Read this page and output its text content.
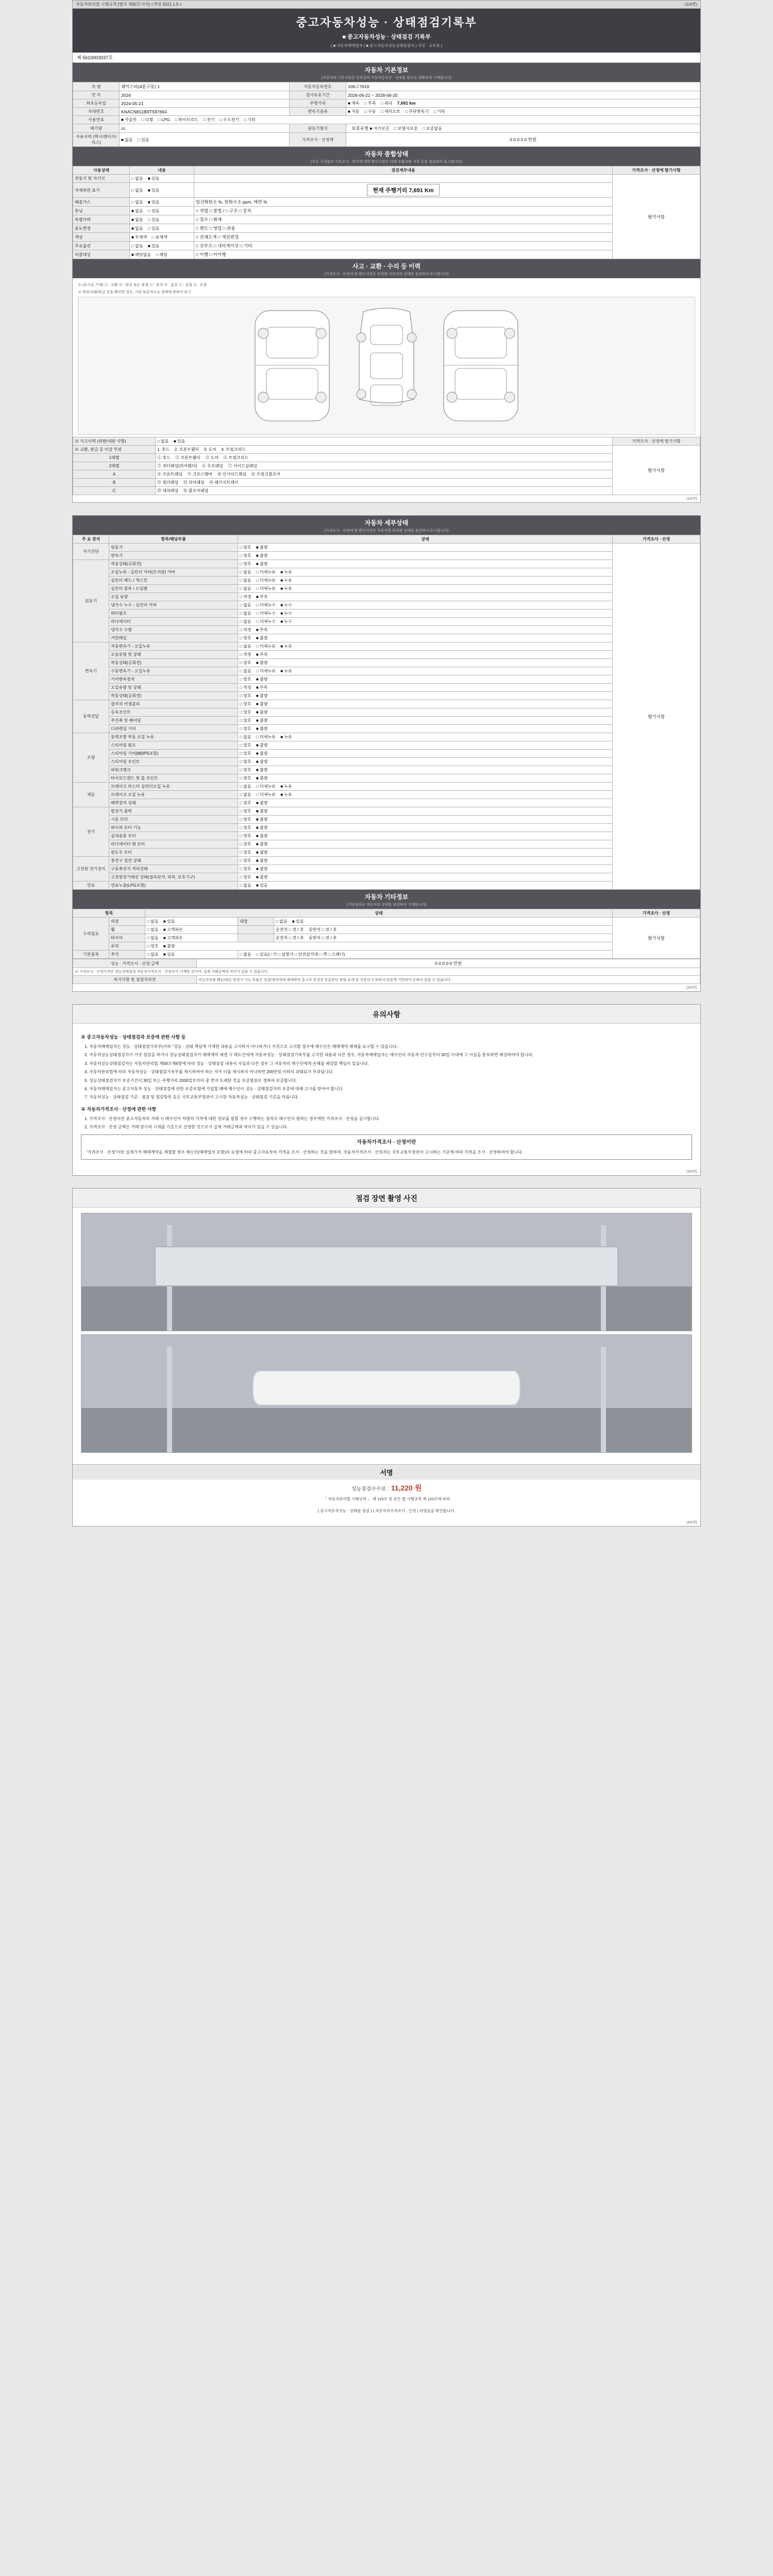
자동차관리법 시행규칙 [별지 제82호서식] <개정 2021.1.5.>	(1/4면)
중고자동차성능 · 상태점검기록부
■ 중고자동차성능 · 상태점검 기록부
( ■ 자동차매매업자 ( ■ 중고자동차성능상태점검자 ) 작성 · 교부용 )
제 5610003037호
자동차 기본정보
(자동차의 기본사항은 등록증의 자동차등록증 · 선장을 참조로 정확하게 기재합니다)
차 명	쉐이스타(4륜구동) 1	자동차등록번호	106고7619
연 식	2024	검사유효기간	2026-06-21 ~ 2028-06-20
최초등록일	2024-05-21	주행거리	■ 계속 □ 부족 □ 과다 7,691 km
차대번호	KNACN811BRT597664	변속기종류	■ 자동 □ 수동 □ 세미오토 □ 무단변속기 □ 기타
사용연료	■ 가솔린 □ 디젤 □ LPG □ 하이브리드 □ 전기 □ 수소전기 □ 기타		
배기량	cc	원동기형식	보증유형 ■ 자가보증 □ 보험사보증 □ 보증없음
사용이력 (택시/렌터카/리스)	■ 없음 □ 있음	가격조사 · 산정액	0 0 0 0 0 만원
자동차 종합상태
(주요 구성품의 기록조사 · 평가에 대한 확인사항은 대체 부품교환 여부 등을 점검하여 표시합니다)
사용상태	내용	점검세부내용	가격조사 · 산정에 딸기사항
전동기 및 자기식	□ 없음 ■ 있음		딸기사항
자체외관 표기	□ 없음 ■ 있음	현재 주행거리 7,691 Km	
배출가스	□ 없음 ■ 있음	일산화탄소 %, 탄화수소 ppm, 매연 %	
튜닝	■ 없음 □ 있음	□ 적법 □ 불법 / □ 구조 □ 장치	
특별이력	■ 없음 □ 있음	□ 침수 □ 화재	
용도변경	■ 없음 □ 있음	□ 렌트 □ 영업 □ 관용	
색상	■ 무채색 □ 유채색	□ 전체도색 □ 색상변경	
주요옵션	□ 없음 ■ 있음	□ 선루프 □ 네비게이션 □ 기타	
리콜대상	■ 해당없음 □ 해당	□ 이행 □ 미이행	
사고 · 교환 · 수리 등 이력
(가격조사 · 산정에 딸 확인사항은 부위별 자동차의 상태를 점검하여 표시합니다)
※ (표시로 기재) ⓧ : 교환 ⓦ : 판금 또는 용접 ⓒ : 부식 ⓟ : 흠집 ⓐ : 굴절 ⓤ : 요철
※ 하부/교환/판금 등을 확인한 경우, 기타 부분적으로 상태에 관하여 표기
※ 사고이력 (외판/내판 사항)	□ 없음 ■ 있음	가격조사 · 산정에 딸기사항
※ 교환, 판금 등 이상 부위	1. 후드 2. 프론트휀더 3. 도어 4. 트렁크리드	딸기사항
1레벨	① 후드 ② 프론트휀더 ③ 도어 ④ 트렁크리드	
2레벨	⑤ 쿼터패널(리어휀더) ⑥ 루프패널 ⑦ 사이드실패널	
A	⑧ 프론트패널 ⑨ 크로스멤버 ⑩ 인사이드패널 ⑪ 트렁크플로어	
B	⑫ 필러패널 ⑬ 리어패널 ⑭ 패키지트레이	
C	⑮ 대쉬패널 ⑯ 플로어패널	
(1/4면)
자동차 세부상태
(가격조사 · 산정에 딸 확인사항은 자동차별 부위별 상태를 점검하여 표시합니다)
주 요 장치	항목/해당부품	상태	가격조사 · 산정
자기진단	원동기	□ 양호 ■ 불량	딸기사항
	변속기	□ 양호 ■ 불량	
원동기	작동상태(공회전)	□ 양호 ■ 불량	
	오일누유 - 실린더 커버(로커암) 카바	□ 없음 □ 미세누유 ■ 누유	
	실린더 헤드 / 개스킷	□ 없음 □ 미세누유 ■ 누유	
	실린더 블록 / 오일팬	□ 없음 □ 미세누유 ■ 누유	
	오일 유량	□ 적정 ■ 부족	
	냉각수 누수 - 실린더 커버	□ 없음 □ 미세누수 ■ 누수	
	워터펌프	□ 없음 □ 미세누수 ■ 누수	
	라디에이터	□ 없음 □ 미세누수 ■ 누수	
	냉각수 수량	□ 적정 ■ 부족	
	커먼레일	□ 양호 ■ 불량	
변속기	자동변속기 - 오일누유	□ 없음 □ 미세누유 ■ 누유	
	오일유량 및 상태	□ 적정 ■ 부족	
	작동상태(공회전)	□ 양호 ■ 불량	
	수동변속기 - 오일누유	□ 없음 □ 미세누유 ■ 누유	
	기어변속장치	□ 양호 ■ 불량	
	오일유량 및 상태	□ 적정 ■ 부족	
	작동상태(공회전)	□ 양호 ■ 불량	
동력전달	클러치 어셈블리	□ 양호 ■ 불량	
	등속조인트	□ 양호 ■ 불량	
	추진축 및 베어링	□ 양호 ■ 불량	
	디퍼렌셜 기어	□ 양호 ■ 불량	
조향	동력조향 작동 오일 누유	□ 없음 □ 미세누유 ■ 누유	
	스티어링 펌프	□ 양호 ■ 불량	
	스티어링 기어(MDPS포함)	□ 양호 ■ 불량	
	스티어링 조인트	□ 양호 ■ 불량	
	파워크랭크	□ 양호 ■ 불량	
	타이로드엔드 및 볼 조인트	□ 양호 ■ 불량	
제동	브레이크 마스터 실린더오일 누유	□ 없음 □ 미세누유 ■ 누유	
	브레이크 오일 누유	□ 없음 □ 미세누유 ■ 누유	
	배력장치 상태	□ 양호 ■ 불량	
전기	발전기 출력	□ 양호 ■ 불량	
	시동 모터	□ 양호 ■ 불량	
	와이퍼 모터 기능	□ 양호 ■ 불량	
	실내송풍 모터	□ 양호 ■ 불량	
	라디에이터 팬 모터	□ 양호 ■ 불량	
	윈도우 모터	□ 양호 ■ 불량	
고전원 전기장치	충전구 절연 상태	□ 양호 ■ 불량	
	구동축전지 격리상태	□ 양호 ■ 불량	
	고전원전기배선 상태(접속단자, 피복, 보호기구)	□ 양호 ■ 불량	
연료	연료누출(LPG포함)	□ 없음 ■ 있음	
자동차 기타정보
(기타정보는 자동차의 상태를 점검하여 기재합니다)
항목		상태			가격조사 · 산정
수리필요	외장	□ 없음 ■ 있음	내장	□ 없음 ■ 있음	딸기사항
	휠	□ 없음 ■ 고객파손		운전석 □ 전 / 후 동반석 □ 전 / 후	
	타이어	□ 없음 ■ 고객파손		운전석 □ 전 / 후 동반석 □ 전 / 후	
	유리	□ 양호 ■ 불량			
기본품목	추가	□ 없음 ■ 있음	□ 없음 □ 있음(□ 키 □ 설명서 □ 안전삼각대 □ 잭 □ 스패너)		
성능 · 가격조사 · 산정 금액	0 0 0 0 0 만원
※ 가격조사 · 산정가격은 성능상태점검 자동차가격조사 · 산정자가 기재한 것이며, 실제 거래금액과 차이가 있을 수 있습니다.	
특기사항 및 점검자의견	비금속부품 훼손/파손 발생시 기능 부품은 경감/세척내세 제대하여 중고차 특성상 부분판단 판임 요새 및 각종의 도장하여 타문에 기만되어 손하여 있을 수 있습니다.
(2/4면)
유의사항
※ 중고자동차성능 · 상태점검과 보증에 관한 사항 등
1. 자동차매매업자는 성능 · 상태점검기록부(이하 "성능 · 상태 책임에 기재한 내용을 고지하지 아니하거나 거짓으로 고지할 경우에 매수인은 매매계약 해제를 요구할 수 있습니다.
2. 자동차성능상태점검자가 거짓 점검을 하거나 성능상태점검자가 매매계약 체결 시 매도인에게 자동차성능 · 상태점검기록부를 고지한 내용과 다른 경우, 자동차매매업자는 매수인이 자동차 인수일부터 30일 이내에 그 사실을 통보하면 배상하여야 합니다.
3. 자동차성능상태점검자는 자동차관리법 제58조제6항에 따라 성능 · 상태점검 내용이 사실과 다른 경우 그 자동차의 매수인에게 손해를 배상할 책임이 있습니다.
4. 자동차관리법에 따라 자동차성능 · 상태점검기록부를 제시하여야 하는 자가 이를 제시하지 아니하면 200만원 이하의 과태료가 부과됩니다.
5. 성능상태점검자가 보증기간이 30일 또는 주행거리 2000킬로미터 중 먼저 도래한 것을 보증범위로 정하여 보증합니다.
6. 자동차매매업자는 중고자동차 성능 · 상태점검에 관한 보증보험에 가입할 때에 매수인이 성능 · 상태점검자의 보증에 대해 고시를 받아야 합니다.
7. 자동차성능 · 상태점검 기준 · 점검 및 점검항목 등은 국토교통부장관이 고시한 자동차성능 · 상태점검 기준을 따릅니다.
※ 자동차가격조사 · 산정에 관한 사항
1. 가격조사 · 산정이란 중고자동차의 거래 시 매수인이 차량의 가격에 대한 정보를 원할 경우 수행하는 절차로 매수인이 원하는 경우에만 가격조사 · 산정을 실시합니다.
2. 가격조사 · 산정 금액은 거래 당시의 시세를 기준으로 산정한 것으로서 실제 거래금액과 차이가 있을 수 있습니다.
자동차가격조사 · 산정이란
"가격조사 · 산정"이란 실제가격 매매계약을 체결할 경우 매수인(매매업자 포함)의 요청에 따라 중고자동차의 가격을 조사 · 산정하는 것을 말하며, 자동차가격조사 · 산정자는 국토교통부장관이 고시하는 기준에 따라 가격을 조사 · 산정하여야 합니다.
(3/4면)
점검 장면 촬영 사진
서명
성능점검수수료 : 11,220 원
「 자동차관리법 시행규칙 」 제 120조 및 같은 법 시행규칙 제 120조에 따라
( 중고자동차성능 · 상태를 점검 ) ( 자동차의가격조사 · 산정 ) 하였음을 확인합니다.
(4/4면)
